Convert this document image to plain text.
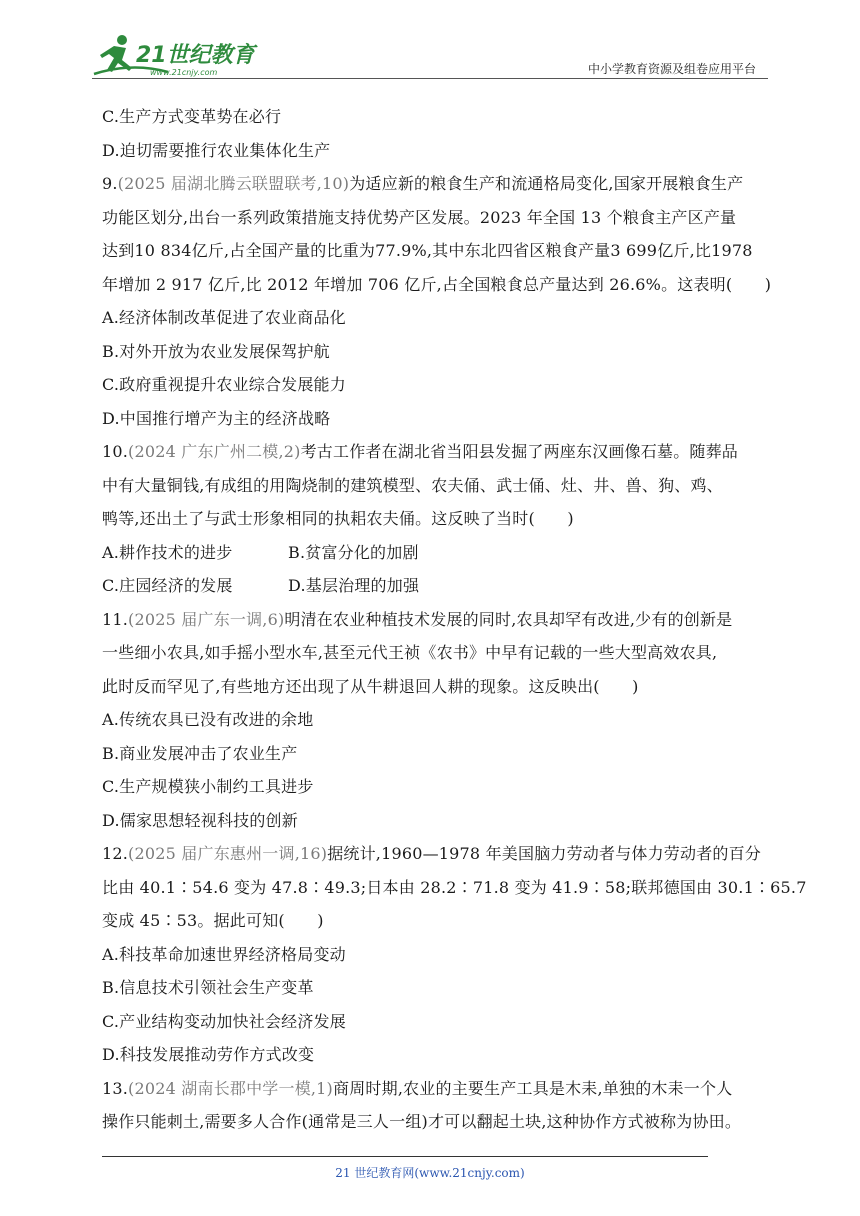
21世纪教育
www.21cnjy.com	中小学教育资源及组卷应用平台
C.生产方式变革势在必行
D.迫切需要推行农业集体化生产
9.(2025 届湖北腾云联盟联考,10)为适应新的粮食生产和流通格局变化,国家开展粮食生产
功能区划分,出台一系列政策措施支持优势产区发展。2023 年全国 13 个粮食主产区产量
达到10 834亿斤,占全国产量的比重为77.9%,其中东北四省区粮食产量3 699亿斤,比1978
年增加 2 917 亿斤,比 2012 年增加 706 亿斤,占全国粮食总产量达到 26.6%。这表明(　　)
A.经济体制改革促进了农业商品化
B.对外开放为农业发展保驾护航
C.政府重视提升农业综合发展能力
D.中国推行增产为主的经济战略
10.(2024 广东广州二模,2)考古工作者在湖北省当阳县发掘了两座东汉画像石墓。随葬品
中有大量铜钱,有成组的用陶烧制的建筑模型、农夫俑、武士俑、灶、井、兽、狗、鸡、
鸭等,还出土了与武士形象相同的执耜农夫俑。这反映了当时(　　)
A.耕作技术的进步	B.贫富分化的加剧
C.庄园经济的发展	D.基层治理的加强
11.(2025 届广东一调,6)明清在农业种植技术发展的同时,农具却罕有改进,少有的创新是
一些细小农具,如手摇小型水车,甚至元代王祯《农书》中早有记载的一些大型高效农具,
此时反而罕见了,有些地方还出现了从牛耕退回人耕的现象。这反映出(　　)
A.传统农具已没有改进的余地
B.商业发展冲击了农业生产
C.生产规模狭小制约工具进步
D.儒家思想轻视科技的创新
12.(2025 届广东惠州一调,16)据统计,1960—1978 年美国脑力劳动者与体力劳动者的百分
比由 40.1∶54.6 变为 47.8∶49.3;日本由 28.2∶71.8 变为 41.9∶58;联邦德国由 30.1∶65.7
变成 45∶53。据此可知(　　)
A.科技革命加速世界经济格局变动
B.信息技术引领社会生产变革
C.产业结构变动加快社会经济发展
D.科技发展推动劳作方式改变
13.(2024 湖南长郡中学一模,1)商周时期,农业的主要生产工具是木耒,单独的木耒一个人
操作只能刺土,需要多人合作(通常是三人一组)才可以翻起土块,这种协作方式被称为协田。
21 世纪教育网(www.21cnjy.com)
